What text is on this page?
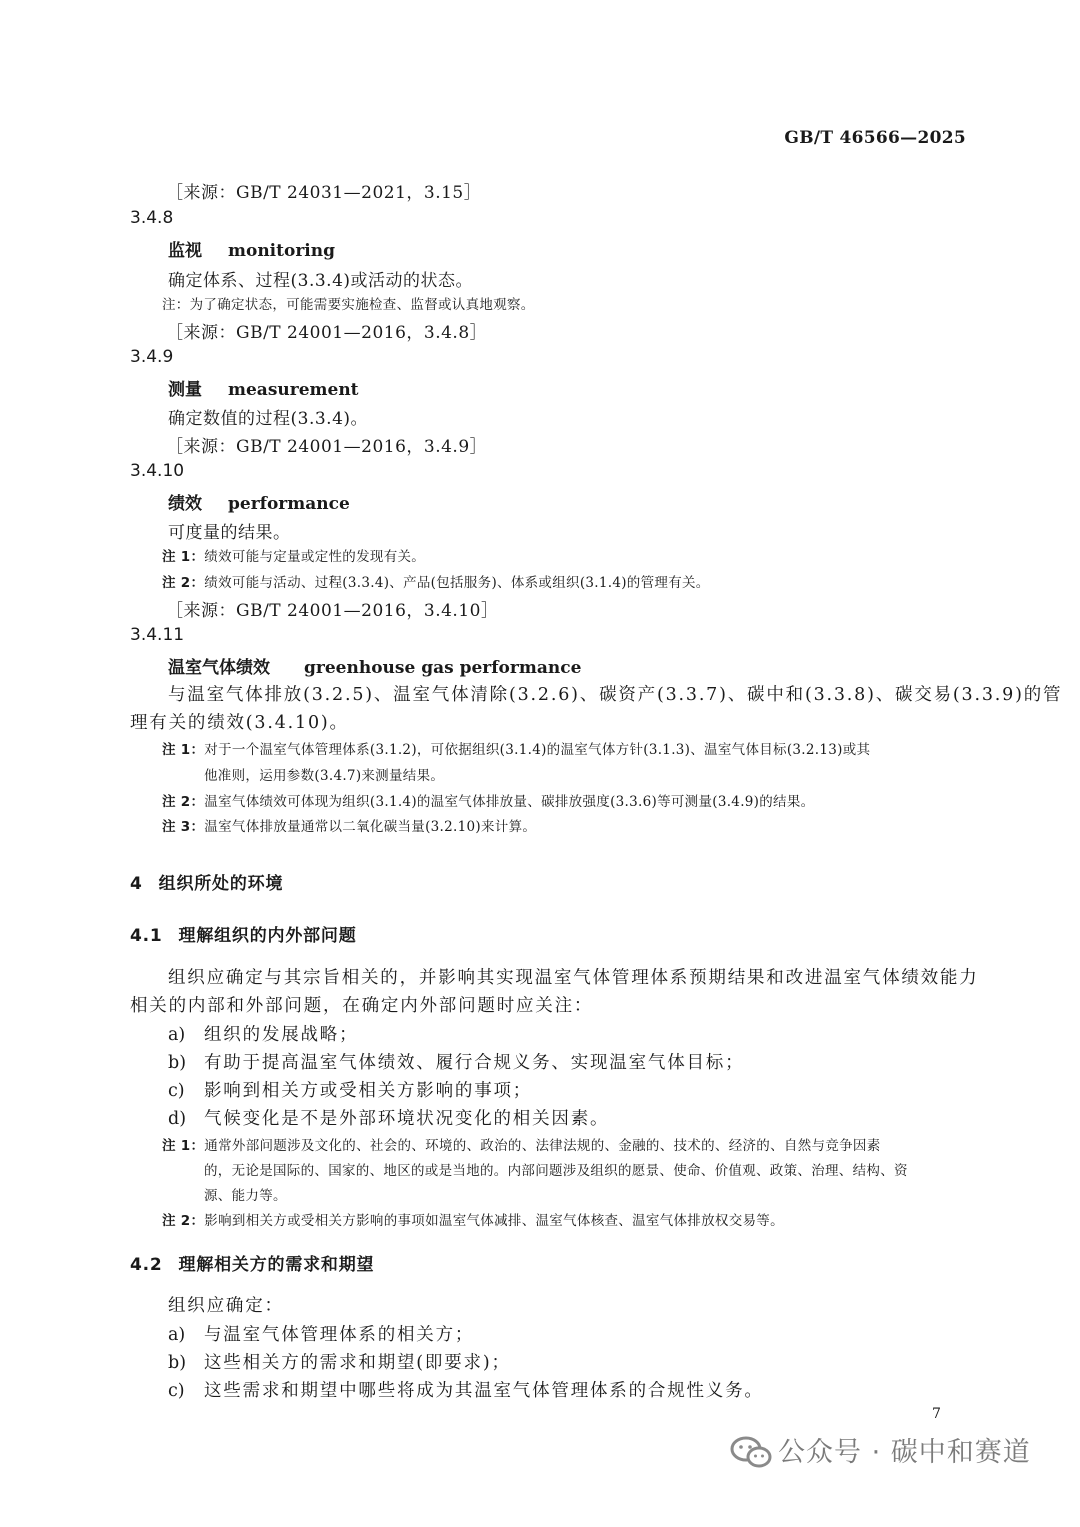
GB/T 46566—2025
［来源：GB/T 24031—2021，3.15］
3.4.8
监视 monitoring
确定体系、过程(3.3.4)或活动的状态。
注：为了确定状态，可能需要实施检查、监督或认真地观察。
［来源：GB/T 24001—2016，3.4.8］
3.4.9
测量 measurement
确定数值的过程(3.3.4)。
［来源：GB/T 24001—2016，3.4.9］
3.4.10
绩效 performance
可度量的结果。
注 1：绩效可能与定量或定性的发现有关。
注 2：绩效可能与活动、过程(3.3.4)、产品(包括服务)、体系或组织(3.1.4)的管理有关。
［来源：GB/T 24001—2016，3.4.10］
3.4.11
温室气体绩效 greenhouse gas performance
与温室气体排放(3.2.5)、温室气体清除(3.2.6)、碳资产(3.3.7)、碳中和(3.3.8)、碳交易(3.3.9)的管
理有关的绩效(3.4.10)。
注 1：对于一个温室气体管理体系(3.1.2)，可依据组织(3.1.4)的温室气体方针(3.1.3)、温室气体目标(3.2.13)或其
他准则，运用参数(3.4.7)来测量结果。
注 2：温室气体绩效可体现为组织(3.1.4)的温室气体排放量、碳排放强度(3.3.6)等可测量(3.4.9)的结果。
注 3：温室气体排放量通常以二氧化碳当量(3.2.10)来计算。
4 组织所处的环境
4.1 理解组织的内外部问题
组织应确定与其宗旨相关的，并影响其实现温室气体管理体系预期结果和改进温室气体绩效能力
相关的内部和外部问题，在确定内外部问题时应关注：
a) 组织的发展战略；
b) 有助于提高温室气体绩效、履行合规义务、实现温室气体目标；
c) 影响到相关方或受相关方影响的事项；
d) 气候变化是不是外部环境状况变化的相关因素。
注 1：通常外部问题涉及文化的、社会的、环境的、政治的、法律法规的、金融的、技术的、经济的、自然与竞争因素
的，无论是国际的、国家的、地区的或是当地的。内部问题涉及组织的愿景、使命、价值观、政策、治理、结构、资
源、能力等。
注 2：影响到相关方或受相关方影响的事项如温室气体减排、温室气体核查、温室气体排放权交易等。
4.2 理解相关方的需求和期望
组织应确定：
a) 与温室气体管理体系的相关方；
b) 这些相关方的需求和期望(即要求)；
c) 这些需求和期望中哪些将成为其温室气体管理体系的合规性义务。
7
公众号 · 碳中和赛道
